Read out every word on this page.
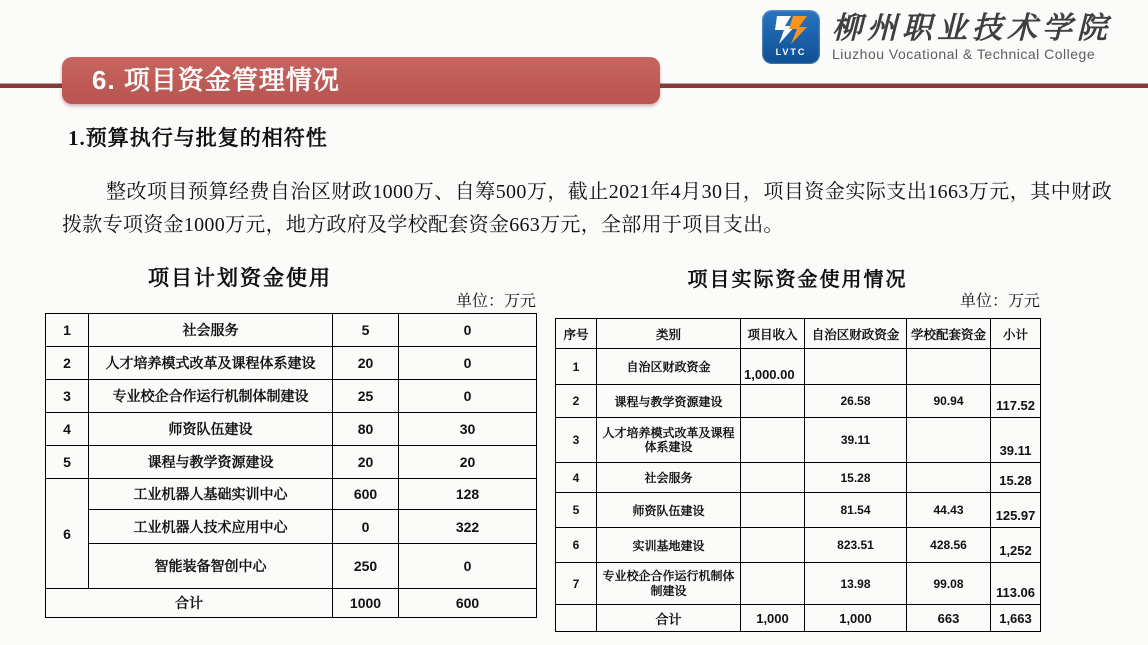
6. 项目资金管理情况
LVTC
柳州职业技术学院
Liuzhou Vocational & Technical College
1.预算执行与批复的相符性
整改项目预算经费自治区财政1000万、自筹500万，截止2021年4月30日，项目资金实际支出1663万元，其中财政拨款专项资金1000万元，地方政府及学校配套资金663万元，全部用于项目支出。
项目计划资金使用
单位：万元
1	社会服务	5	0
2	人才培养模式改革及课程体系建设	20	0
3	专业校企合作运行机制体制建设	25	0
4	师资队伍建设	80	30
5	课程与教学资源建设	20	20
6	工业机器人基础实训中心	600	128
	工业机器人技术应用中心	0	322
	智能装备智创中心	250	0
合计		1000	600
项目实际资金使用情况
单位：万元
序号	类别	项目收入	自治区财政资金	学校配套资金	小计
1	自治区财政资金	1,000.00			
2	课程与教学资源建设		26.58	90.94	117.52
3	人才培养模式改革及课程体系建设		39.11		39.11
4	社会服务		15.28		15.28
5	师资队伍建设		81.54	44.43	125.97
6	实训基地建设		823.51	428.56	1,252
7	专业校企合作运行机制体制建设		13.98	99.08	113.06
	合计	1,000	1,000	663	1,663
